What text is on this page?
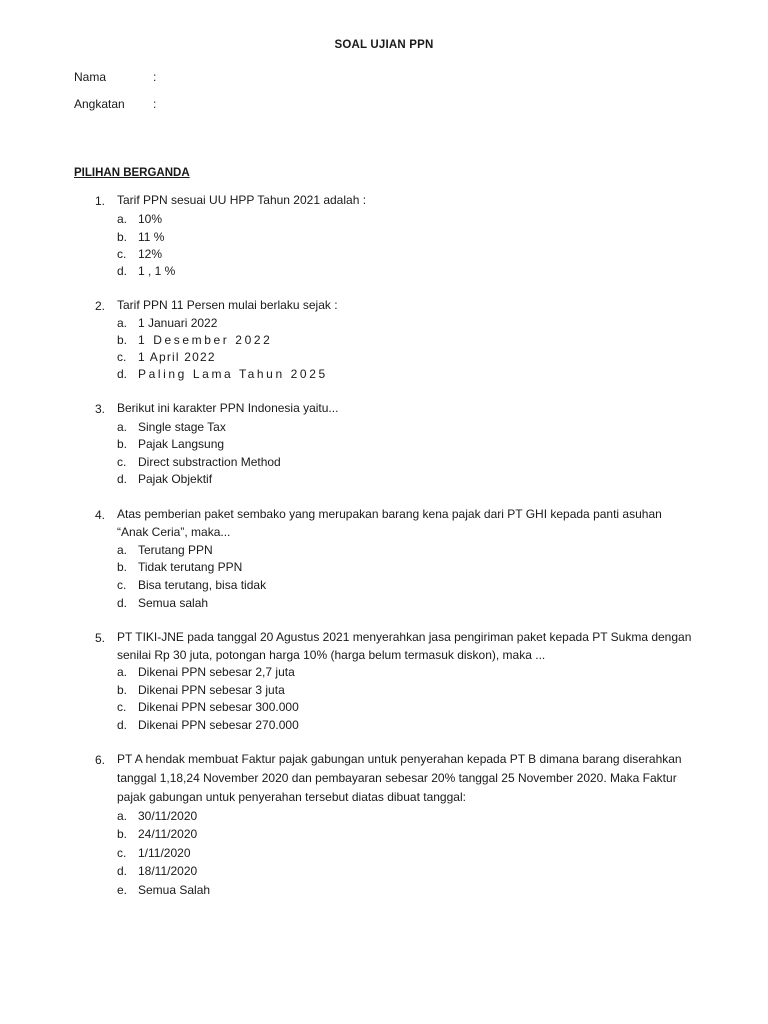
SOAL UJIAN PPN
Nama	:
Angkatan :
PILIHAN BERGANDA
1. Tarif PPN sesuai UU HPP Tahun 2021 adalah :
a. 10%
b. 11 %
c. 12%
d. 1 , 1 %
2. Tarif PPN 11 Persen mulai berlaku sejak :
a. 1 Januari 2022
b. 1 Desember 2022
c. 1 April 2022
d. Paling Lama Tahun 2025
3. Berikut ini karakter PPN Indonesia yaitu...
a. Single stage Tax
b. Pajak Langsung
c. Direct substraction Method
d. Pajak Objektif
4. Atas pemberian paket sembako yang merupakan barang kena pajak dari PT GHI kepada panti asuhan “Anak Ceria”, maka...
a. Terutang PPN
b. Tidak terutang PPN
c. Bisa terutang, bisa tidak
d. Semua salah
5. PT TIKI-JNE pada tanggal 20 Agustus 2021 menyerahkan jasa pengiriman paket kepada PT Sukma dengan senilai Rp 30 juta, potongan harga 10% (harga belum termasuk diskon), maka ...
a. Dikenai PPN sebesar 2,7 juta
b. Dikenai PPN sebesar 3 juta
c. Dikenai PPN sebesar 300.000
d. Dikenai PPN sebesar 270.000
6. PT A hendak membuat Faktur pajak gabungan untuk penyerahan kepada PT B dimana barang diserahkan tanggal 1,18,24 November 2020 dan pembayaran sebesar 20% tanggal 25 November 2020. Maka Faktur pajak gabungan untuk penyerahan tersebut diatas dibuat tanggal:
a. 30/11/2020
b. 24/11/2020
c. 1/11/2020
d. 18/11/2020
e. Semua Salah
